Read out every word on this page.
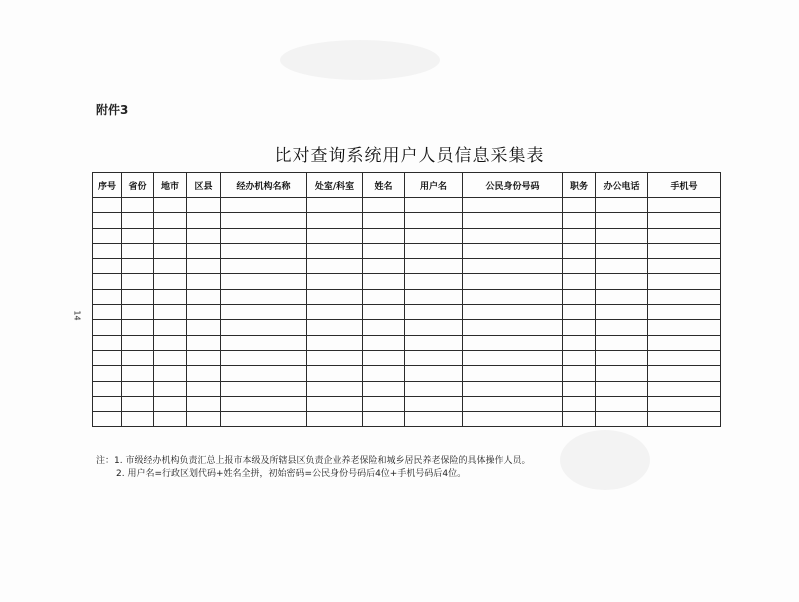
附件3
比对查询系统用户人员信息采集表
14
序号	省份	地市	区县	经办机构名称	处室/科室	姓名	用户名	公民身份号码	职务	办公电话	手机号

注：1. 市级经办机构负责汇总上报市本级及所辖县区负责企业养老保险和城乡居民养老保险的具体操作人员。
2. 用户名=行政区划代码+姓名全拼，初始密码=公民身份号码后4位+手机号码后4位。
